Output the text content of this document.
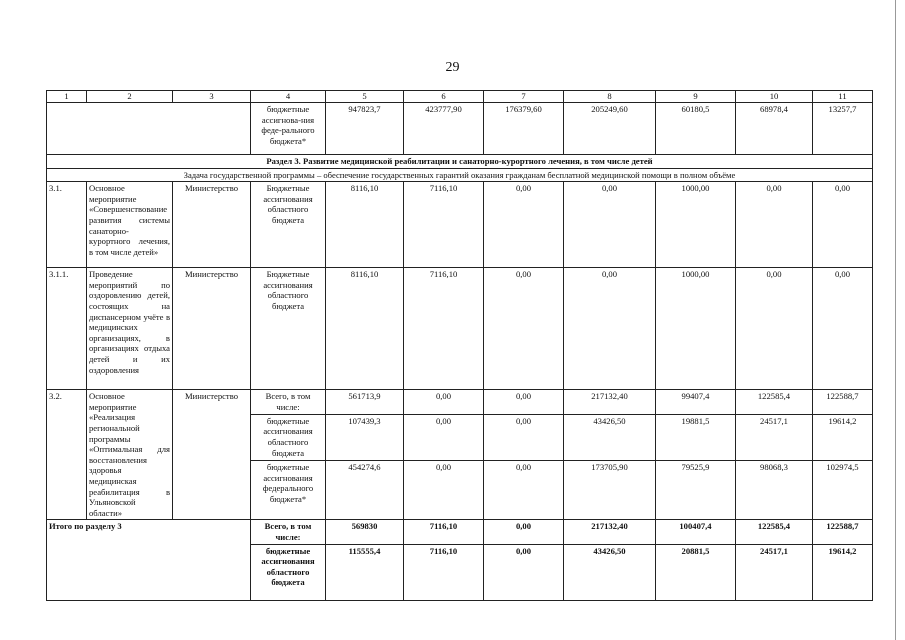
29
1	2	3	4	5	6	7	8	9	10	11
			бюджетные ассигнова-ния феде-рального бюджета*	947823,7	423777,90	176379,60	205249,60	60180,5	68978,4	13257,7
Раздел 3. Развитие медицинской реабилитации и санаторно-курортного лечения, в том числе детей										
Задача государственной программы – обеспечение государственных гарантий оказания гражданам бесплатной медицинской помощи в полном объёме										
3.1.	Основное мероприятие «Совершенствование развития системы санаторно-курортного лечения, в том числе детей»	Министерство	Бюджетные ассигнования областного бюджета	8116,10	7116,10	0,00	0,00	1000,00	0,00	0,00
3.1.1.	Проведение мероприятий по оздоровлению детей, состоящих на диспансерном учёте в медицинских организациях, в организациях отдыха детей и их оздоровления	Министерство	Бюджетные ассигнования областного бюджета	8116,10	7116,10	0,00	0,00	1000,00	0,00	0,00
3.2.	Основное мероприятие «Реализация региональной программы «Оптимальная для восстановления здоровья медицинская реабилитация в Ульяновской области»	Министерство	Всего, в том числе:	561713,9	0,00	0,00	217132,40	99407,4	122585,4	122588,7
			бюджетные ассигнования областного бюджета	107439,3	0,00	0,00	43426,50	19881,5	24517,1	19614,2
			бюджетные ассигнования федерального бюджета*	454274,6	0,00	0,00	173705,90	79525,9	98068,3	102974,5
Итого по разделу 3			Всего, в том числе:	569830	7116,10	0,00	217132,40	100407,4	122585,4	122588,7
			бюджетные ассигнования областного бюджета	115555,4	7116,10	0,00	43426,50	20881,5	24517,1	19614,2
